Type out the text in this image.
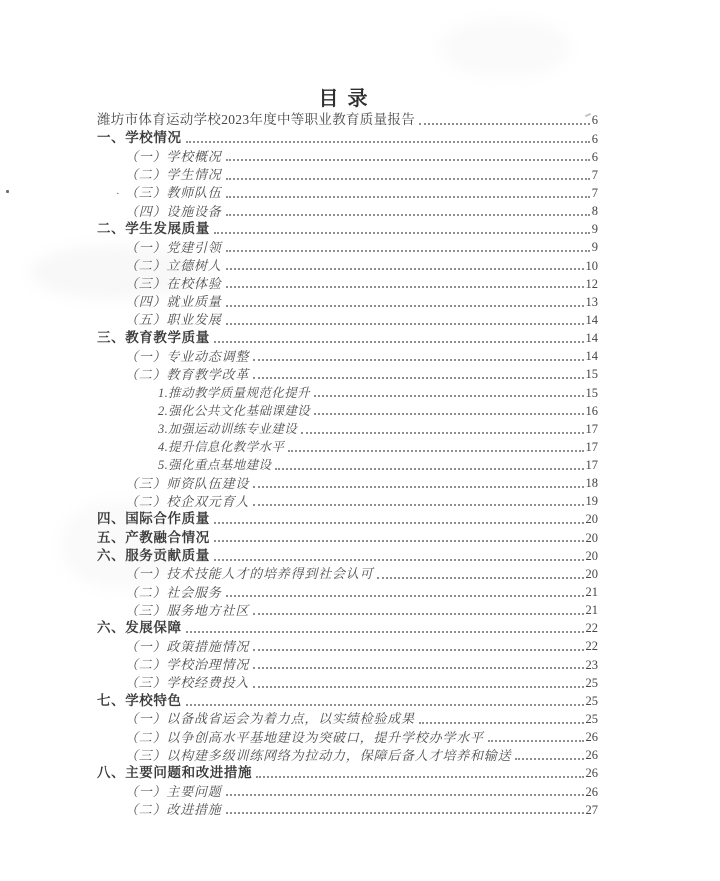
目录
潍坊市体育运动学校2023年度中等职业教育质量报告	6
一、学校情况	6
（一）学校概况	6
（二）学生情况	7
· （三）教师队伍	7
（四）设施设备	8
二、学生发展质量	9
（一）党建引领	9
（二）立德树人	10
（三）在校体验	12
（四）就业质量	13
（五）职业发展	14
三、教育教学质量	14
（一）专业动态调整	14
（二）教育教学改革	15
1.推动教学质量规范化提升	15
2.强化公共文化基础课建设	16
3.加强运动训练专业建设	17
4.提升信息化教学水平	17
5.强化重点基地建设	17
（三）师资队伍建设	18
（二）校企双元育人	19
四、国际合作质量	20
五、产教融合情况	20
六、服务贡献质量	20
（一）技术技能人才的培养得到社会认可	20
（二）社会服务	21
（三）服务地方社区	21
六、发展保障	22
（一）政策措施情况	22
（二）学校治理情况	23
（三）学校经费投入	25
七、学校特色	25
（一）以备战省运会为着力点，以实绩检验成果	25
（二）以争创高水平基地建设为突破口，提升学校办学水平	26
（三）以构建多级训练网络为拉动力，保障后备人才培养和输送	26
八、主要问题和改进措施	26
（一）主要问题	26
（二）改进措施	27
